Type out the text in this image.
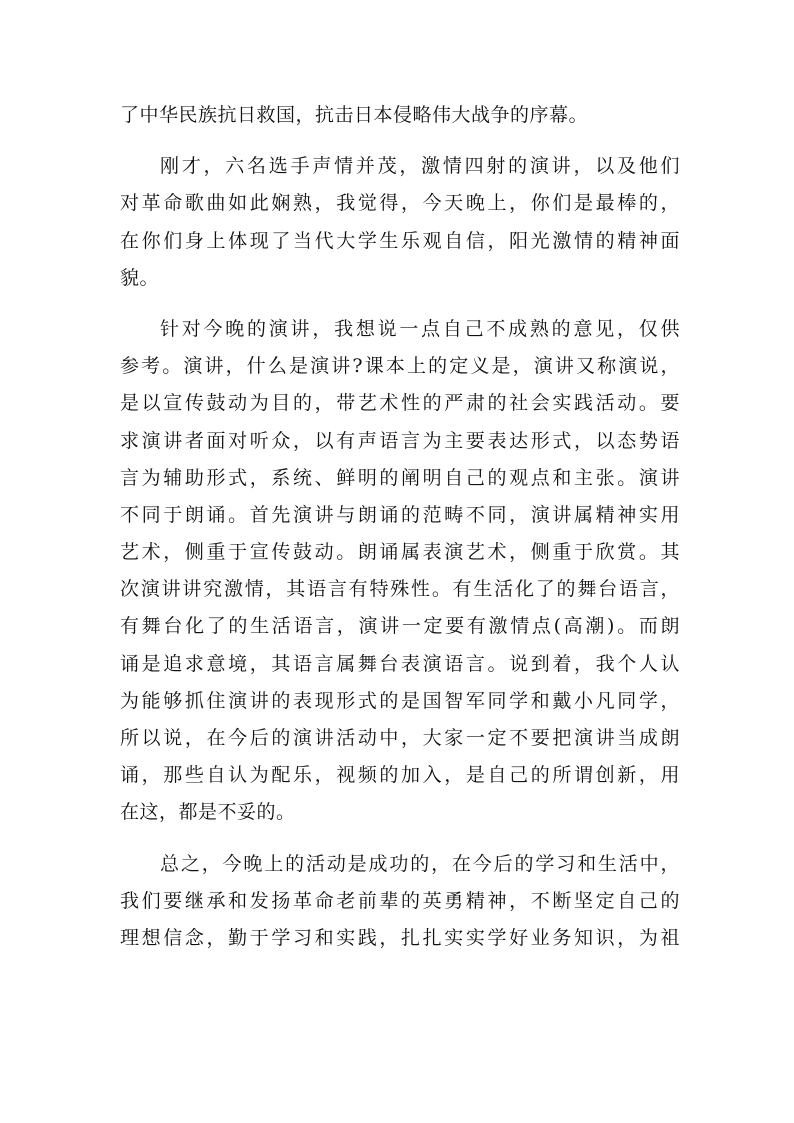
了中华民族抗日救国，抗击日本侵略伟大战争的序幕。
刚才，六名选手声情并茂，激情四射的演讲，以及他们
对革命歌曲如此娴熟，我觉得，今天晚上，你们是最棒的，
在你们身上体现了当代大学生乐观自信，阳光激情的精神面
貌。
针对今晚的演讲，我想说一点自己不成熟的意见，仅供
参考。演讲，什么是演讲?课本上的定义是，演讲又称演说，
是以宣传鼓动为目的，带艺术性的严肃的社会实践活动。要
求演讲者面对听众，以有声语言为主要表达形式，以态势语
言为辅助形式，系统、鲜明的阐明自己的观点和主张。演讲
不同于朗诵。首先演讲与朗诵的范畴不同，演讲属精神实用
艺术，侧重于宣传鼓动。朗诵属表演艺术，侧重于欣赏。其
次演讲讲究激情，其语言有特殊性。有生活化了的舞台语言，
有舞台化了的生活语言，演讲一定要有激情点(高潮)。而朗
诵是追求意境，其语言属舞台表演语言。说到着，我个人认
为能够抓住演讲的表现形式的是国智军同学和戴小凡同学，
所以说，在今后的演讲活动中，大家一定不要把演讲当成朗
诵，那些自认为配乐，视频的加入，是自己的所谓创新，用
在这，都是不妥的。
总之，今晚上的活动是成功的，在今后的学习和生活中，
我们要继承和发扬革命老前辈的英勇精神，不断坚定自己的
理想信念，勤于学习和实践，扎扎实实学好业务知识，为祖
